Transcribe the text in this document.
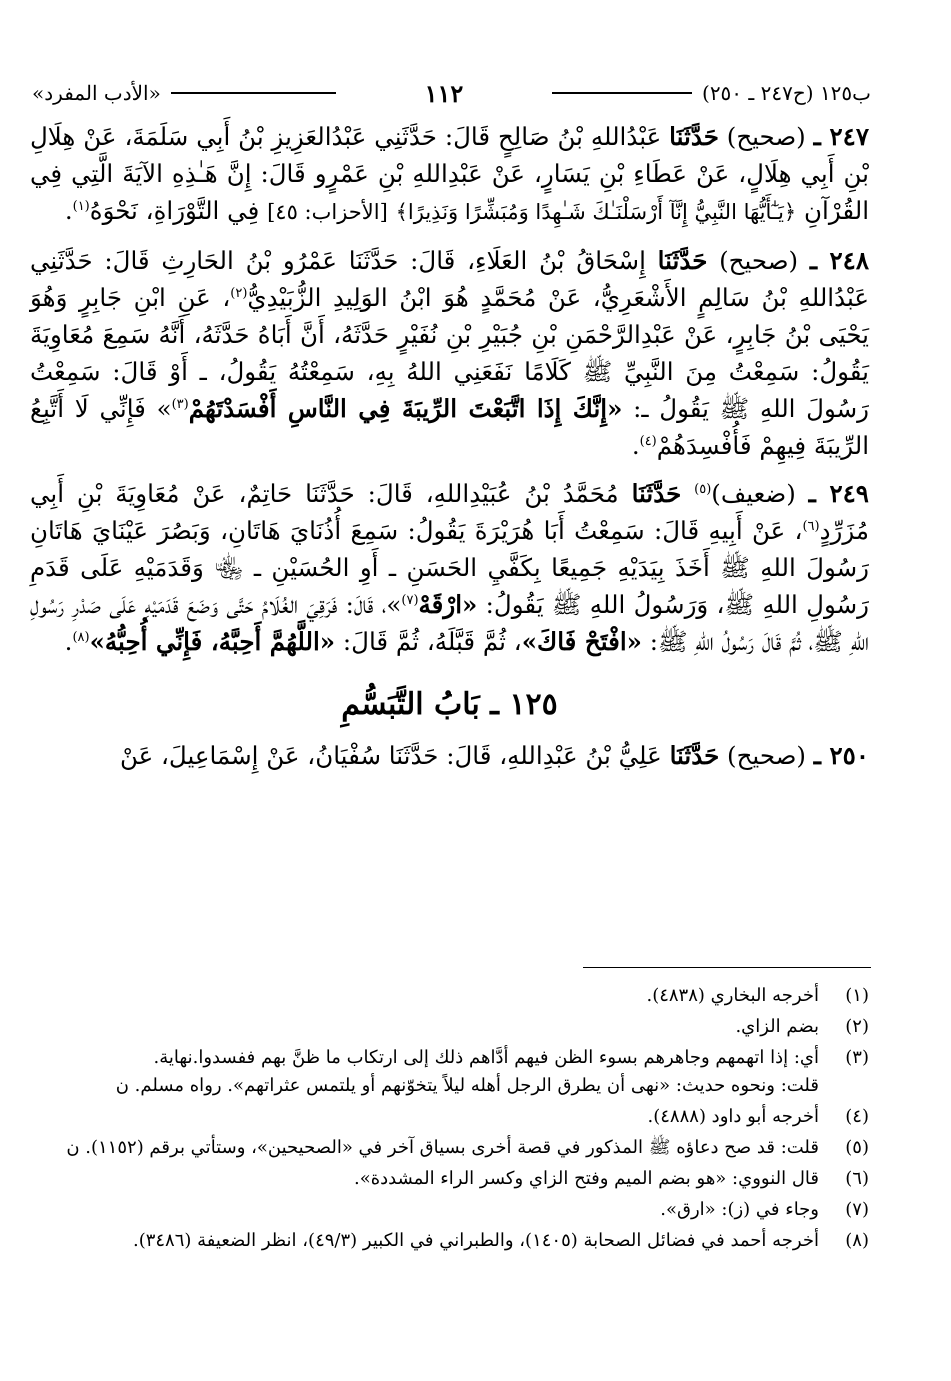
ب١٢٥ (ح٢٤٧ ـ ٢٥٠)
١١٢
«الأدب المفرد»

٢٤٧ ـ (صحيح) حَدَّثَنَا عَبْدُاللهِ بْنُ صَالِحٍ قَالَ: حَدَّثَنِي عَبْدُالعَزِيزِ بْنُ أَبِي سَلَمَةَ، عَنْ هِلَالِ بْنِ أَبِي هِلَالٍ، عَنْ عَطَاءِ بْنِ يَسَارٍ، عَنْ عَبْدِاللهِ بْنِ عَمْرٍو قَالَ: إِنَّ هَـٰذِهِ الآيَةَ الَّتِي فِي القُرْآنِ ﴿يَـٰٓأَيُّهَا النَّبِيُّ إِنَّآ أَرْسَلْنَـٰكَ شَـٰهِدًا وَمُبَشِّرًا وَنَذِيرًا﴾ [الأحزاب: ٤٥] فِي التَّوْرَاةِ، نَحْوَهُ$^{(١)}$.

٢٤٨ ـ (صحيح) حَدَّثَنَا إِسْحَاقُ بْنُ العَلَاءِ، قَالَ: حَدَّثَنَا عَمْرُو بْنُ الحَارِثِ قَالَ: حَدَّثَنِي عَبْدُاللهِ بْنُ سَالِمٍ الأَشْعَرِيُّ، عَنْ مُحَمَّدٍ هُوَ ابْنُ الوَلِيدِ الزُّبَيْدِيُّ$^{(٢)}$، عَنِ ابْنِ جَابِرٍ وَهُوَ يَحْيَى بْنُ جَابِرٍ، عَنْ عَبْدِالرَّحْمَنِ بْنِ جُبَيْرِ بْنِ نُفَيْرٍ حَدَّثَهُ، أَنَّ أَبَاهُ حَدَّثَهُ، أَنَّهُ سَمِعَ مُعَاوِيَةَ يَقُولُ: سَمِعْتُ مِنَ النَّبِيِّ ﷺ كَلَامًا نَفَعَنِي اللهُ بِهِ، سَمِعْتُهُ يَقُولُ، ـ أَوْ قَالَ: سَمِعْتُ رَسُولَ اللهِ ﷺ يَقُولُ ـ: «إِنَّكَ إِذَا اتَّبَعْتَ الرِّيبَةَ فِي النَّاسِ أَفْسَدْتَهُمْ$^{(٣)}$» فَإِنِّي لَا أَتَّبِعُ الرِّيبَةَ فِيهِمْ فَأُفْسِدَهُمْ$^{(٤)}$.

٢٤٩ ـ (ضعيف)$^{(٥)}$ حَدَّثَنَا مُحَمَّدُ بْنُ عُبَيْدِاللهِ، قَالَ: حَدَّثَنَا حَاتِمٌ، عَنْ مُعَاوِيَةَ بْنِ أَبِي مُزَرِّدٍ$^{(٦)}$، عَنْ أَبِيهِ قَالَ: سَمِعْتُ أَبَا هُرَيْرَةَ يَقُولُ: سَمِعَ أُذُنَايَ هَاتَانِ، وَبَصُرَ عَيْنَايَ هَاتَانِ رَسُولَ اللهِ ﷺ أَخَذَ بِيَدَيْهِ جَمِيعًا بِكَفَّيِ الحَسَنِ ـ أَوِ الحُسَيْنِ ـ ﵄ وَقَدَمَيْهِ عَلَى قَدَمِ رَسُولِ اللهِ ﷺ، وَرَسُولُ اللهِ ﷺ يَقُولُ: «ارْقَهْ$^{(٧)}$»، قَالَ: فَرَقِيَ الغُلَامُ حَتَّى وَضَعَ قَدَمَيْهِ عَلَى صَدْرِ رَسُولِ اللهِ ﷺ، ثُمَّ قَالَ رَسُولُ اللهِ ﷺ: «افْتَحْ فَاكَ»، ثُمَّ قَبَّلَهُ، ثُمَّ قَالَ: «اللَّهُمَّ أَحِبَّهُ، فَإِنِّي أُحِبُّهُ»$^{(٨)}$.

١٢٥ ـ بَابُ التَّبَسُّمِ

٢٥٠ ـ (صحيح) حَدَّثَنَا عَلِيُّ بْنُ عَبْدِاللهِ، قَالَ: حَدَّثَنَا سُفْيَانُ، عَنْ إِسْمَاعِيلَ، عَنْ

(١)
أخرجه البخاري (٤٨٣٨).
(٢)
بضم الزاي.
(٣)
أي: إذا اتهمهم وجاهرهم بسوء الظن فيهم أدَّاهم ذلك إلى ارتكاب ما ظنَّ بهم ففسدوا.نهاية.
قلت: ونحوه حديث: «نهى أن يطرق الرجل أهله ليلاً يتخوّنهم أو يلتمس عثراتهم». رواه مسلم. ن
(٤)
أخرجه أبو داود (٤٨٨٨).
(٥)
قلت: قد صح دعاؤه ﷺ المذكور في قصة أخرى بسياق آخر في «الصحيحين»، وستأتي برقم (١١٥٢). ن
(٦)
قال النووي: «هو بضم الميم وفتح الزاي وكسر الراء المشددة».
(٧)
وجاء في (ز): «ارق».
(٨)
أخرجه أحمد في فضائل الصحابة (١٤٠٥)، والطبراني في الكبير (٤٩/٣)، انظر الضعيفة (٣٤٨٦).
